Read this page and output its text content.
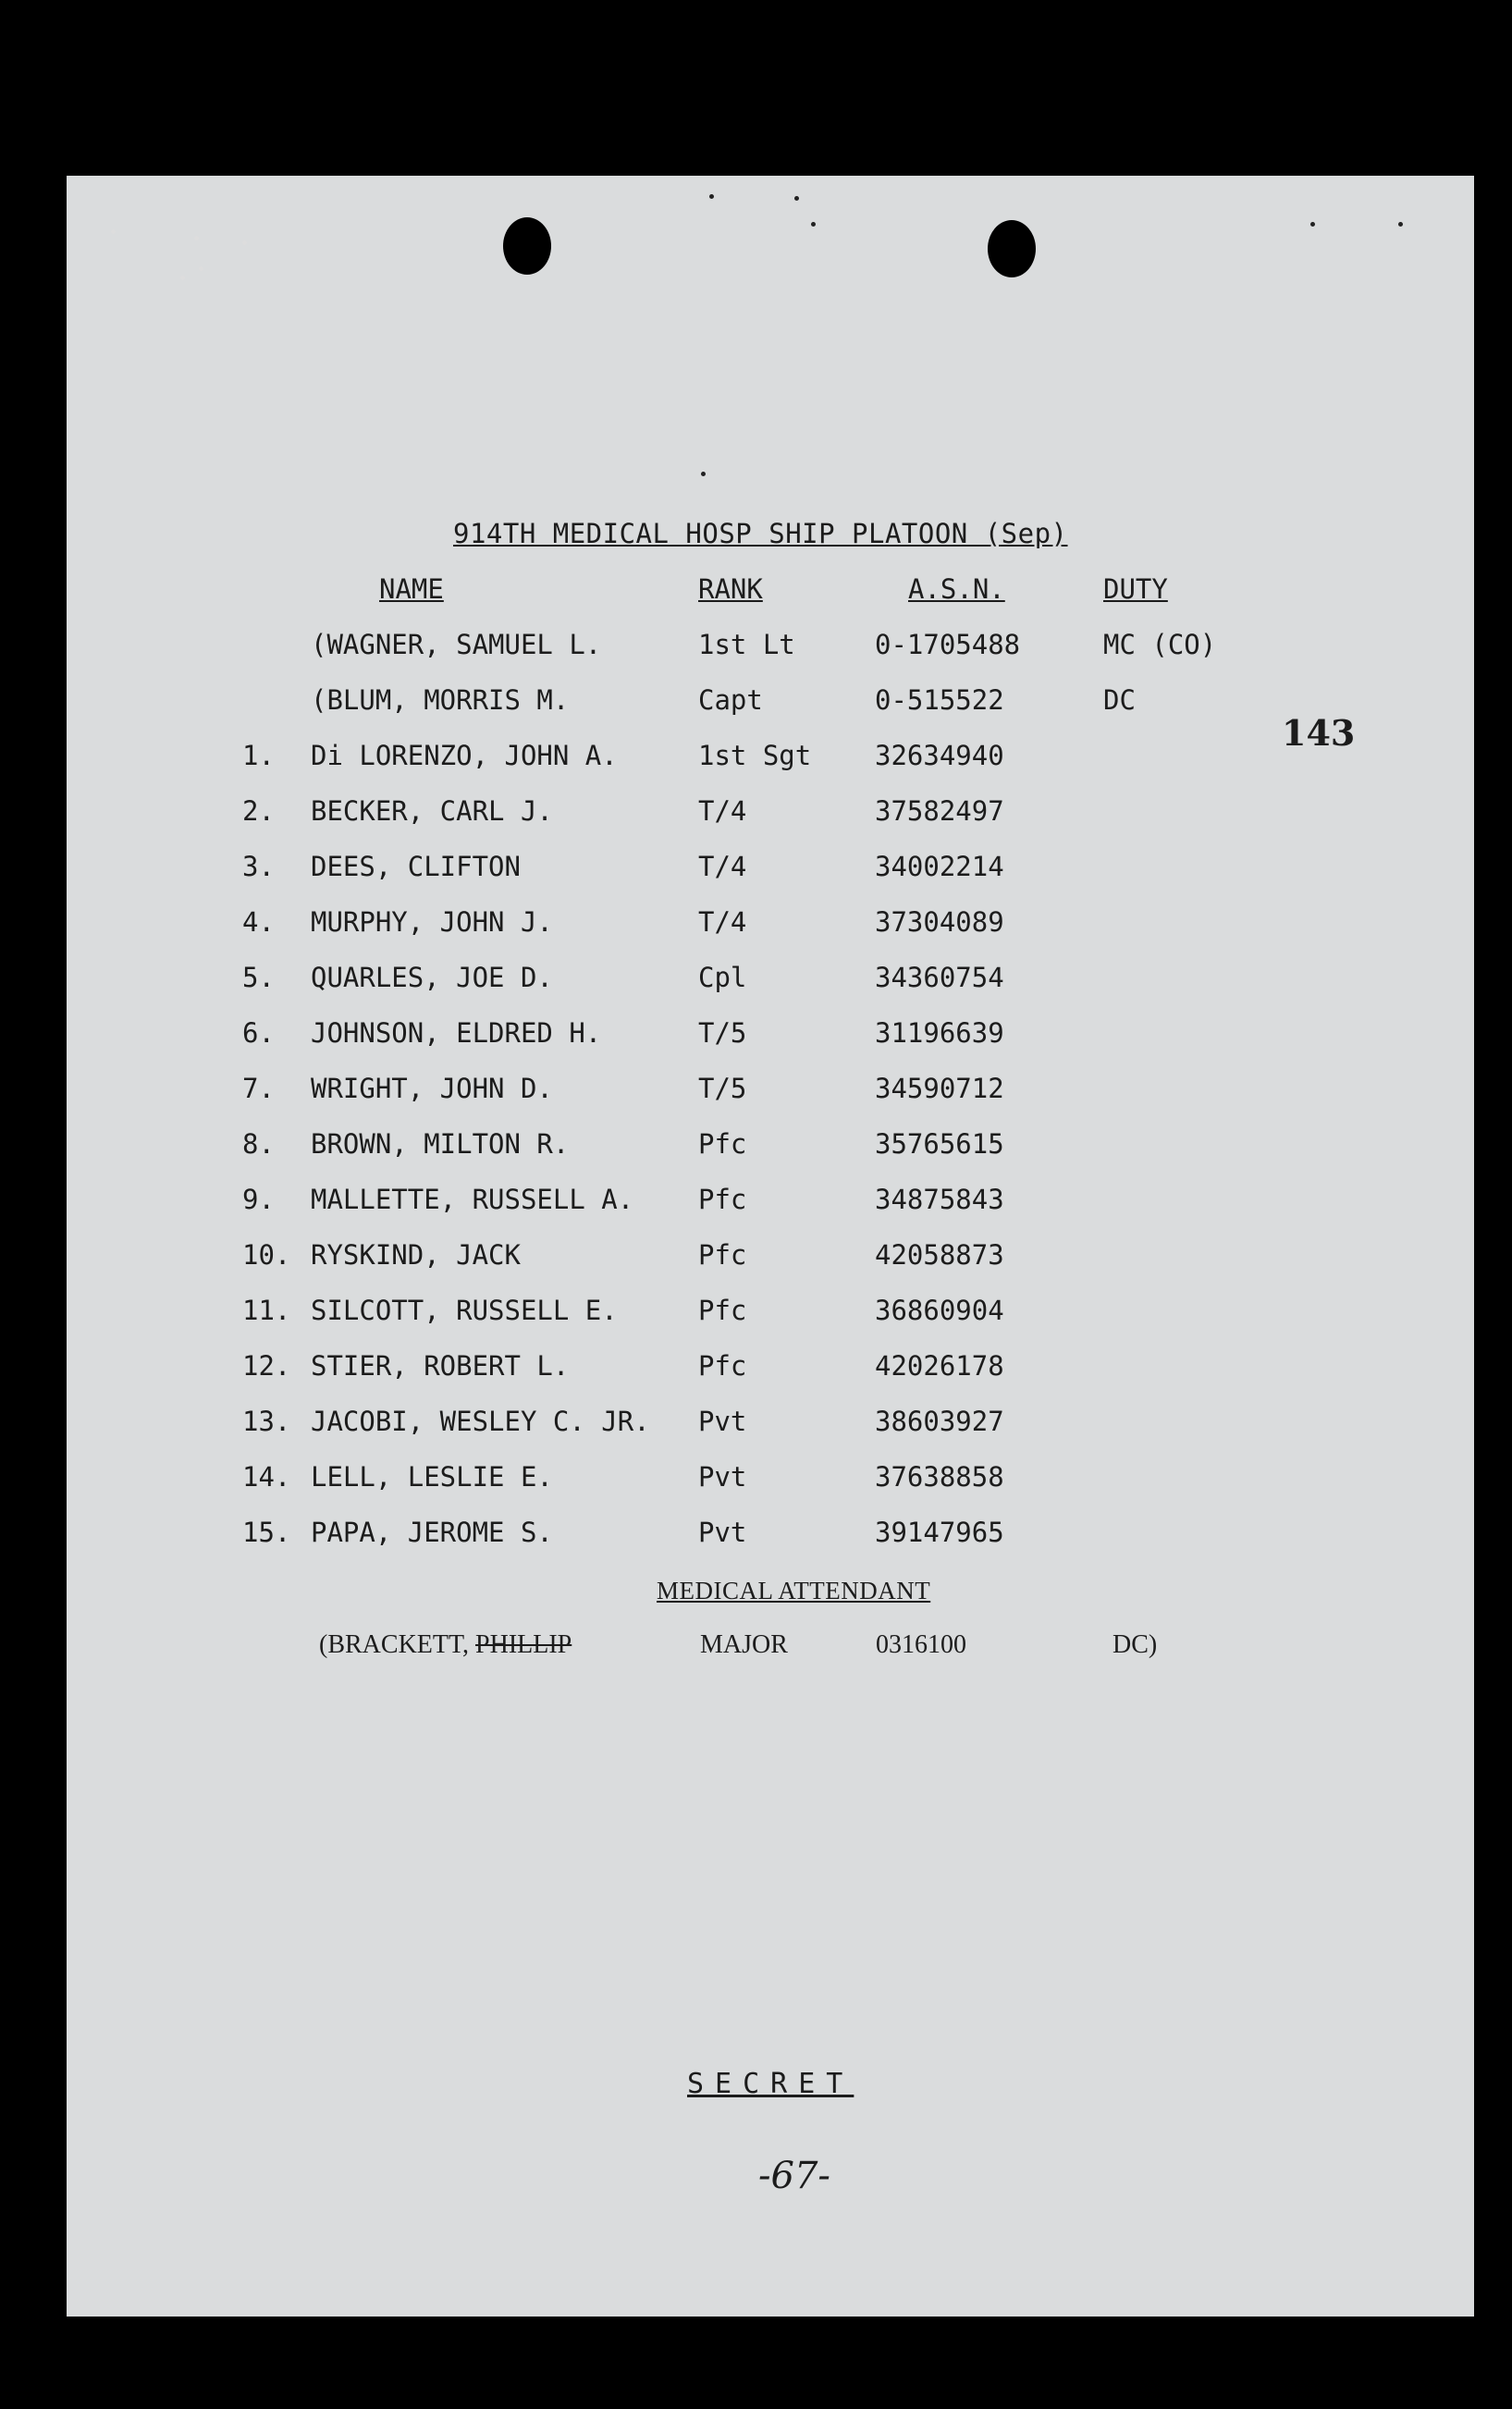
914TH MEDICAL HOSP SHIP PLATOON (Sep)
NAME	RANK	A.S.N.	DUTY
143
(WAGNER, SAMUEL L.	1st Lt	0-1705488	MC (CO)
(BLUM, MORRIS M.	Capt	0-515522	DC
1. Di LORENZO, JOHN A.	1st Sgt 32634940
2. BECKER, CARL J.	T/4	37582497
3. DEES, CLIFTON	T/4	34002214
4. MURPHY, JOHN J.	T/4	37304089
5. QUARLES, JOE D.	Cpl	34360754
6. JOHNSON, ELDRED H.	T/5	31196639
7. WRIGHT, JOHN D.	T/5	34590712
8. BROWN, MILTON R.	Pfc	35765615
9. MALLETTE, RUSSELL A. Pfc	34875843
10. RYSKIND, JACK	Pfc	42058873
11. SILCOTT, RUSSELL E.	Pfc	36860904
12. STIER, ROBERT L.	Pfc	42026178
13. JACOBI, WESLEY C. JR. Pvt	38603927
14. LELL, LESLIE E.	Pvt	37638858
15. PAPA, JEROME S.	Pvt	39147965
MEDICAL ATTENDANT
(BRACKETT, PHILLIP	MAJOR	0316100	DC)
SECRET
-67-
